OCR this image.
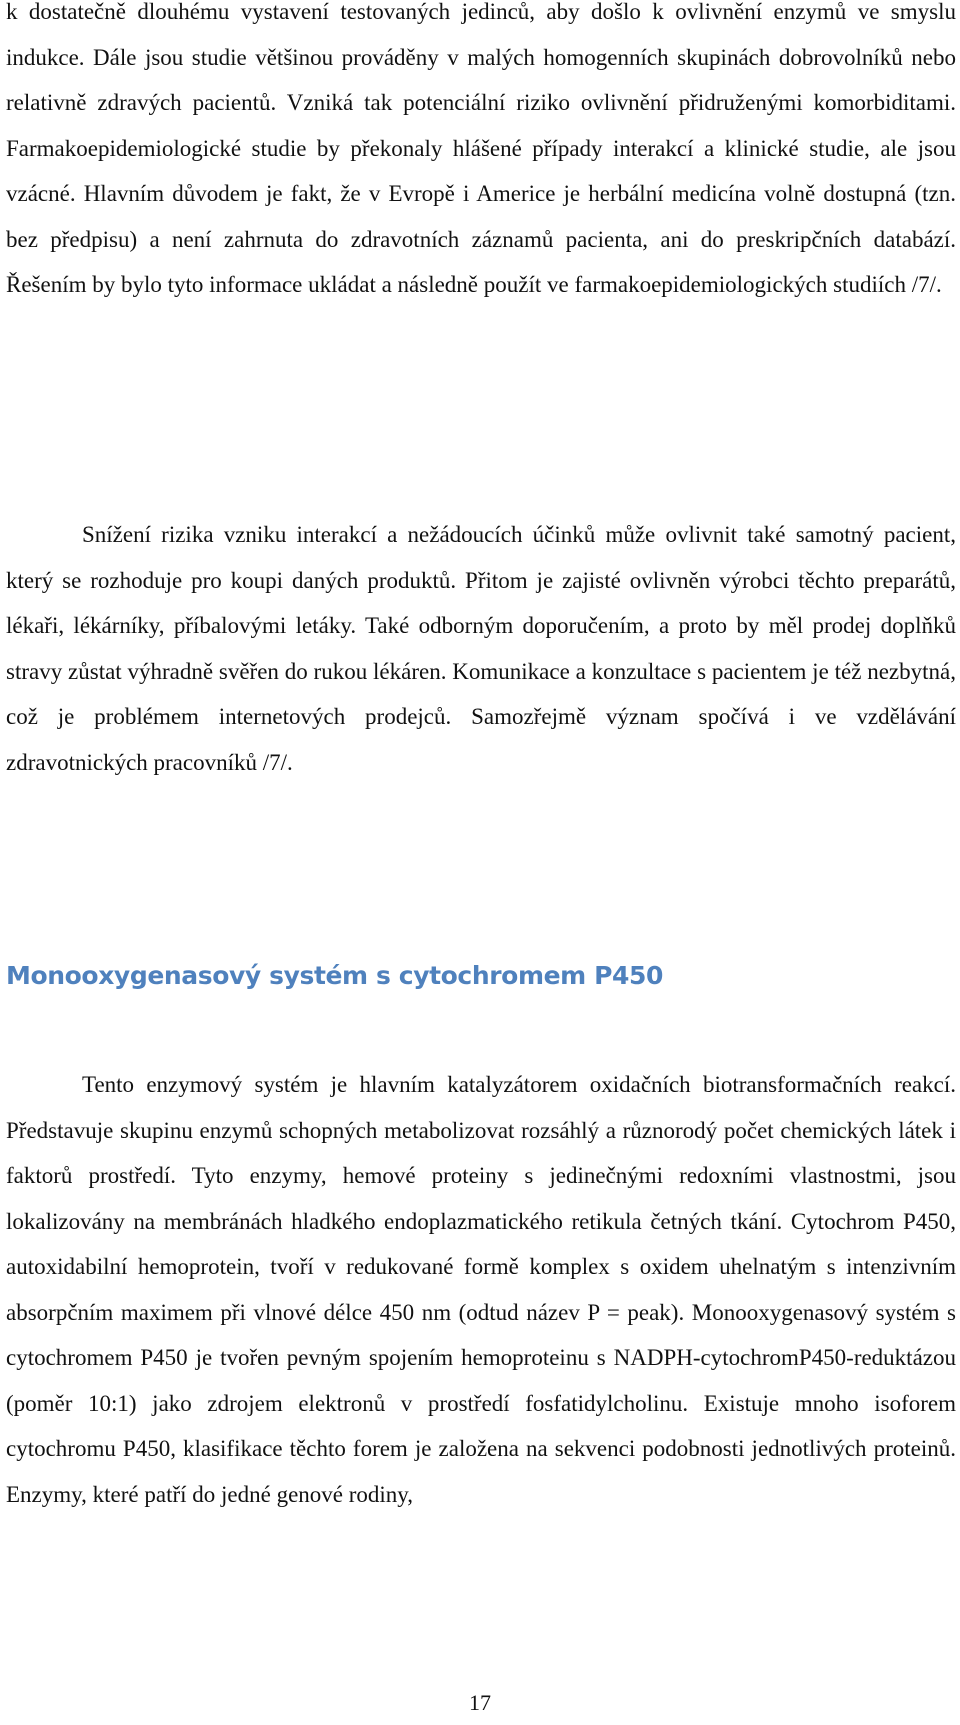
k dostatečně dlouhému vystavení testovaných jedinců, aby došlo k ovlivnění enzymů ve smyslu indukce. Dále jsou studie většinou prováděny v malých homogenních skupinách dobrovolníků nebo relativně zdravých pacientů. Vzniká tak potenciální riziko ovlivnění přidruženými komorbiditami. Farmakoepidemiologické studie by překonaly hlášené případy interakcí a klinické studie, ale jsou vzácné. Hlavním důvodem je fakt, že v Evropě i Americe je herbální medicína volně dostupná (tzn. bez předpisu) a není zahrnuta do zdravotních záznamů pacienta, ani do preskripčních databází. Řešením by bylo tyto informace ukládat a následně použít ve farmakoepidemiologických studiích /7/.

Snížení rizika vzniku interakcí a nežádoucích účinků může ovlivnit také samotný pacient, který se rozhoduje pro koupi daných produktů. Přitom je zajisté ovlivněn výrobci těchto preparátů, lékaři, lékárníky, příbalovými letáky. Také odborným doporučením, a proto by měl prodej doplňků stravy zůstat výhradně svěřen do rukou lékáren. Komunikace a konzultace s pacientem je též nezbytná, což je problémem internetových prodejců. Samozřejmě význam spočívá i ve vzdělávání zdravotnických pracovníků /7/.

Monooxygenasový systém s cytochromem P450

Tento enzymový systém je hlavním katalyzátorem oxidačních biotransformačních reakcí. Představuje skupinu enzymů schopných metabolizovat rozsáhlý a různorodý počet chemických látek i faktorů prostředí. Tyto enzymy, hemové proteiny s jedinečnými redoxními vlastnostmi, jsou lokalizovány na membránách hladkého endoplazmatického retikula četných tkání. Cytochrom P450, autoxidabilní hemoprotein, tvoří v redukované formě komplex s oxidem uhelnatým s intenzivním absorpčním maximem při vlnové délce 450 nm (odtud název P = peak). Monooxygenasový systém s cytochromem P450 je tvořen pevným spojením hemoproteinu s NADPH-cytochromP450-reduktázou (poměr 10:1) jako zdrojem elektronů v prostředí fosfatidylcholinu. Existuje mnoho isoforem cytochromu P450, klasifikace těchto forem je založena na sekvenci podobnosti jednotlivých proteinů. Enzymy, které patří do jedné genové rodiny,

17
